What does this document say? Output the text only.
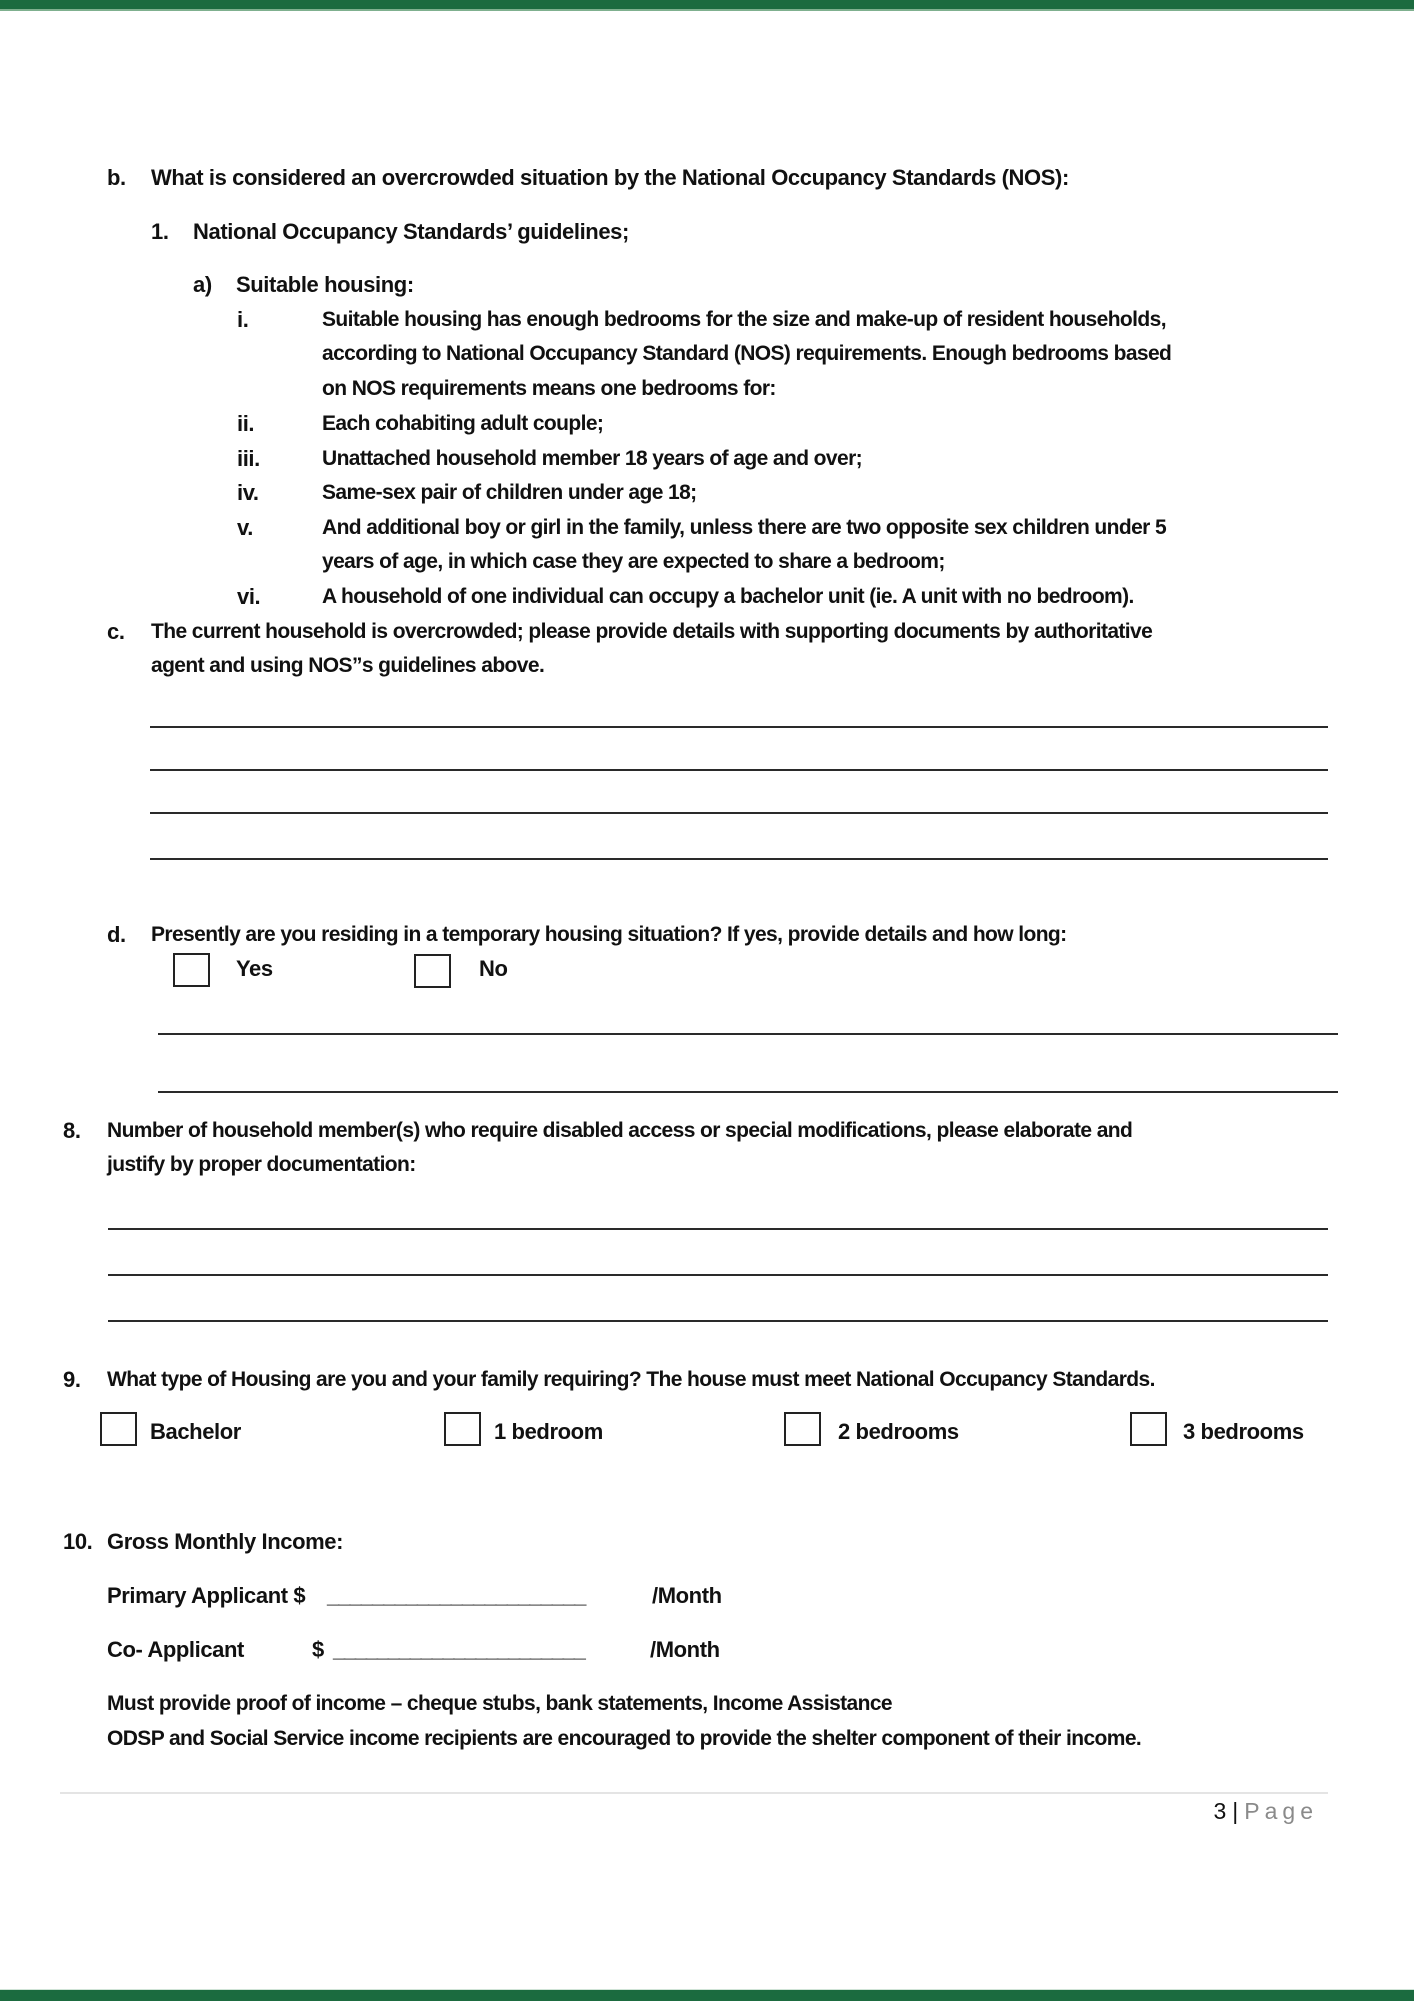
b. What is considered an overcrowded situation by the National Occupancy Standards (NOS):
1. National Occupancy Standards’ guidelines;
a) Suitable housing:
i.	Suitable housing has enough bedrooms for the size and make-up of resident households,
according to National Occupancy Standard (NOS) requirements. Enough bedrooms based
on NOS requirements means one bedrooms for:
ii.	Each cohabiting adult couple;
iii.	Unattached household member 18 years of age and over;
iv.	Same-sex pair of children under age 18;
v.	And additional boy or girl in the family, unless there are two opposite sex children under 5
years of age, in which case they are expected to share a bedroom;
vi.	A household of one individual can occupy a bachelor unit (ie. A unit with no bedroom).
c. The current household is overcrowded; please provide details with supporting documents by authoritative
agent and using NOS”s guidelines above.
d. Presently are you residing in a temporary housing situation? If yes, provide details and how long:
Yes	No
8. Number of household member(s) who require disabled access or special modifications, please elaborate and
justify by proper documentation:
9. What type of Housing are you and your family requiring? The house must meet National Occupancy Standards.
Bachelor	1 bedroom	2 bedrooms	3 bedrooms
10. Gross Monthly Income:
Primary Applicant $ _______________________	/Month
Co- Applicant	$ _______________________	/Month
Must provide proof of income – cheque stubs, bank statements, Income Assistance
ODSP and Social Service income recipients are encouraged to provide the shelter component of their income.
3 | Page
